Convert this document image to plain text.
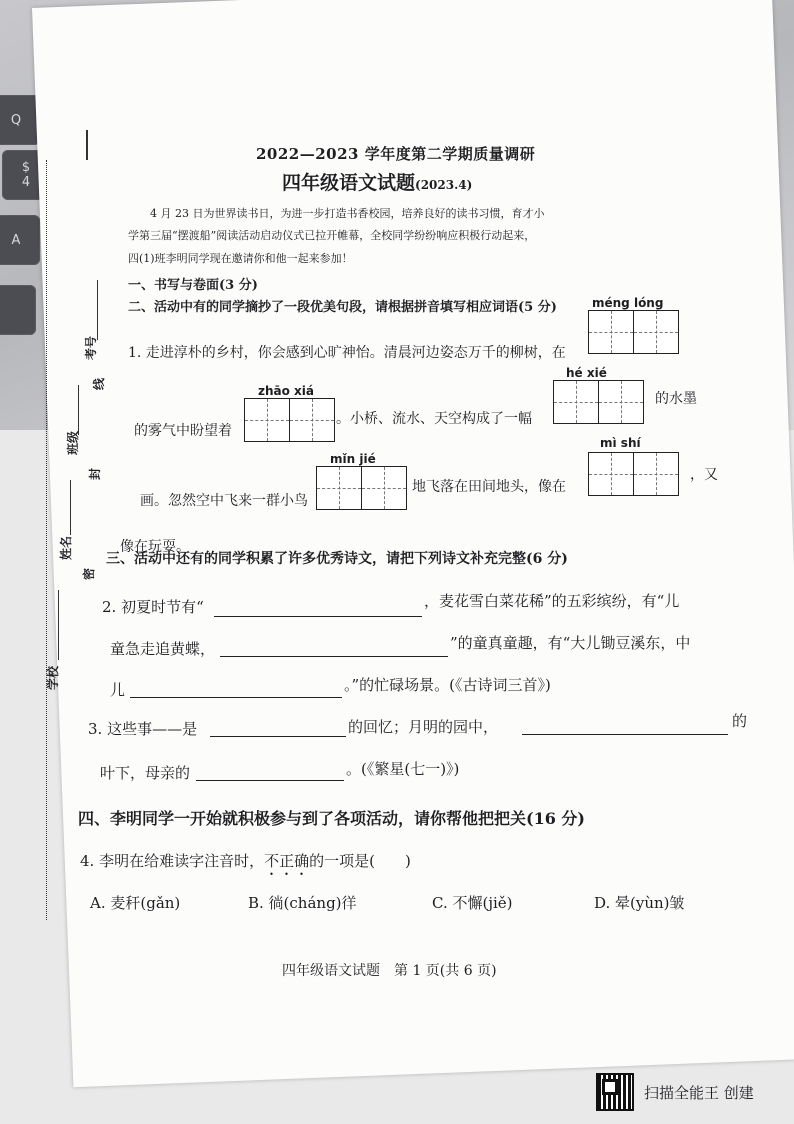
Q
$
4
A
考号
线
班级
封
姓名
密
学校
2022—2023 学年度第二学期质量调研
四年级语文试题(2023.4)
4 月 23 日为世界读书日，为进一步打造书香校园，培养良好的读书习惯，育才小
学第三届“摆渡船”阅读活动启动仪式已拉开帷幕，全校同学纷纷响应积极行动起来，
四(1)班李明同学现在邀请你和他一起来参加！
一、书写与卷面(3 分)
二、活动中有的同学摘抄了一段优美句段，请根据拼音填写相应词语(5 分)	méng lóng
1. 走进淳朴的乡村，你会感到心旷神怡。清晨河边姿态万千的柳树，在
zhāo xiá
hé xié
的雾气中盼望着
。小桥、流水、天空构成了一幅
的水墨
mǐn jié
mì shí
画。忽然空中飞来一群小鸟
地飞落在田间地头，像在
，又
像在玩耍。
三、活动中还有的同学积累了许多优秀诗文，请把下列诗文补充完整(6 分)
2. 初夏时节有“	，麦花雪白菜花稀”的五彩缤纷，有“儿
童急走追黄蝶，	”的童真童趣，有“大儿锄豆溪东，中
儿	。”的忙碌场景。(《古诗词三首》)
3. 这些事——是	的回忆；月明的园中，	的
叶下，母亲的	。(《繁星(七一)》)
四、李明同学一开始就积极参与到了各项活动，请你帮他把把关(16 分)
4. 李明在给难读字注音时，不正确的一项是(　　)
A. 麦秆(gǎn)	B. 徜(cháng)徉	C. 不懈(jiě)	D. 晕(yùn)皱
四年级语文试题　第 1 页(共 6 页)
扫描全能王 创建
